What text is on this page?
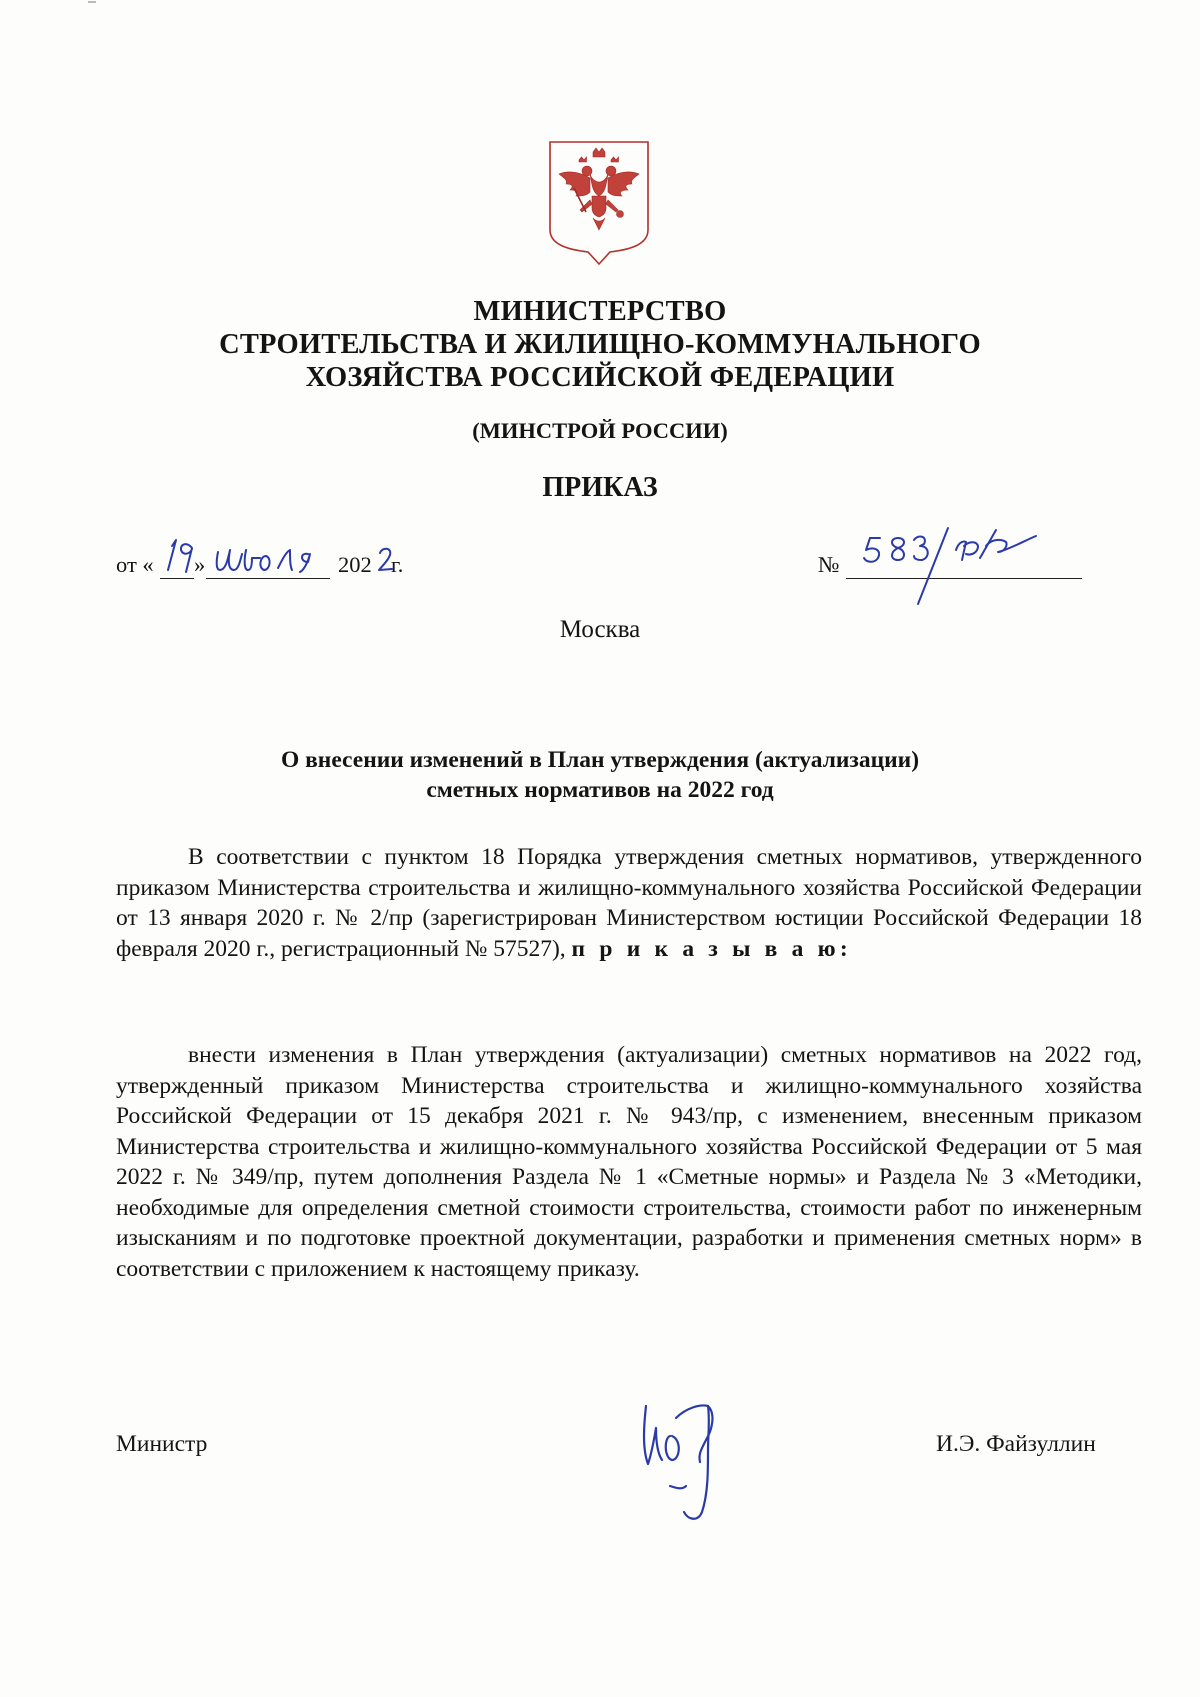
МИНИСТЕРСТВО
СТРОИТЕЛЬСТВА И ЖИЛИЩНО-КОММУНАЛЬНОГО
ХОЗЯЙСТВА РОССИЙСКОЙ ФЕДЕРАЦИИ
(МИНСТРОЙ РОССИИ)
ПРИКАЗ
от « »	202 г.	№
Москва
О внесении изменений в План утверждения (актуализации)
сметных нормативов на 2022 год
В соответствии с пунктом 18 Порядка утверждения сметных нормативов, утвержденного приказом Министерства строительства и жилищно-коммунального хозяйства Российской Федерации от 13 января 2020 г. № 2/пр (зарегистрирован Министерством юстиции Российской Федерации 18 февраля 2020 г., регистрационный № 57527), п р и к а з ы в а ю:
внести изменения в План утверждения (актуализации) сметных нормативов на 2022 год, утвержденный приказом Министерства строительства и жилищно-коммунального хозяйства Российской Федерации от 15 декабря 2021 г. № 943/пр, с изменением, внесенным приказом Министерства строительства и жилищно-коммунального хозяйства Российской Федерации от 5 мая 2022 г. № 349/пр, путем дополнения Раздела № 1 «Сметные нормы» и Раздела № 3 «Методики, необходимые для определения сметной стоимости строительства, стоимости работ по инженерным изысканиям и по подготовке проектной документации, разработки и применения сметных норм» в соответствии с приложением к настоящему приказу.
Министр	И.Э. Файзуллин
